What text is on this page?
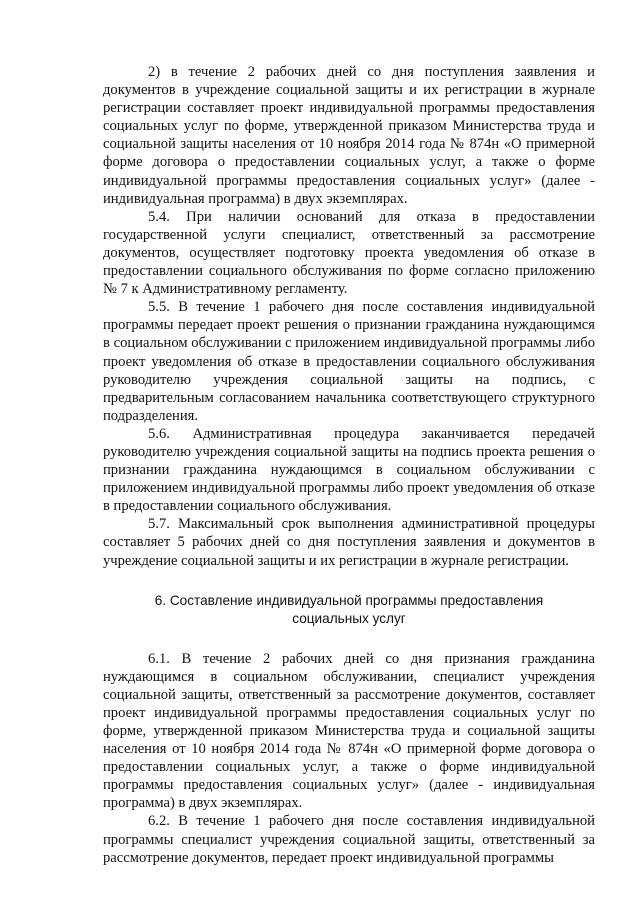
2) в течение 2 рабочих дней со дня поступления заявления и документов в учреждение социальной защиты и их регистрации в журнале регистрации составляет проект индивидуальной программы предоставления социальных услуг по форме, утвержденной приказом Министерства труда и социальной защиты населения от 10 ноября 2014 года № 874н «О примерной форме договора о предоставлении социальных услуг, а также о форме индивидуальной программы предоставления социальных услуг» (далее - индивидуальная программа) в двух экземплярах.

5.4. При наличии оснований для отказа в предоставлении государственной услуги специалист, ответственный за рассмотрение документов, осуществляет подготовку проекта уведомления об отказе в предоставлении социального обслуживания по форме согласно приложению № 7 к Административному регламенту.

5.5. В течение 1 рабочего дня после составления индивидуальной программы передает проект решения о признании гражданина нуждающимся в социальном обслуживании с приложением индивидуальной программы либо проект уведомления об отказе в предоставлении социального обслуживания руководителю учреждения социальной защиты на подпись, с предварительным согласованием начальника соответствующего структурного подразделения.

5.6. Административная процедура заканчивается передачей руководителю учреждения социальной защиты на подпись проекта решения о признании гражданина нуждающимся в социальном обслуживании с приложением индивидуальной программы либо проект уведомления об отказе в предоставлении социального обслуживания.

5.7. Максимальный срок выполнения административной процедуры составляет 5 рабочих дней со дня поступления заявления и документов в учреждение социальной защиты и их регистрации в журнале регистрации.

6. Составление индивидуальной программы предоставления
социальных услуг

6.1. В течение 2 рабочих дней со дня признания гражданина нуждающимся в социальном обслуживании, специалист учреждения социальной защиты, ответственный за рассмотрение документов, составляет проект индивидуальной программы предоставления социальных услуг по форме, утвержденной приказом Министерства труда и социальной защиты населения от 10 ноября 2014 года № 874н «О примерной форме договора о предоставлении социальных услуг, а также о форме индивидуальной программы предоставления социальных услуг» (далее - индивидуальная программа) в двух экземплярах.

6.2. В течение 1 рабочего дня после составления индивидуальной программы специалист учреждения социальной защиты, ответственный за рассмотрение документов, передает проект индивидуальной программы
